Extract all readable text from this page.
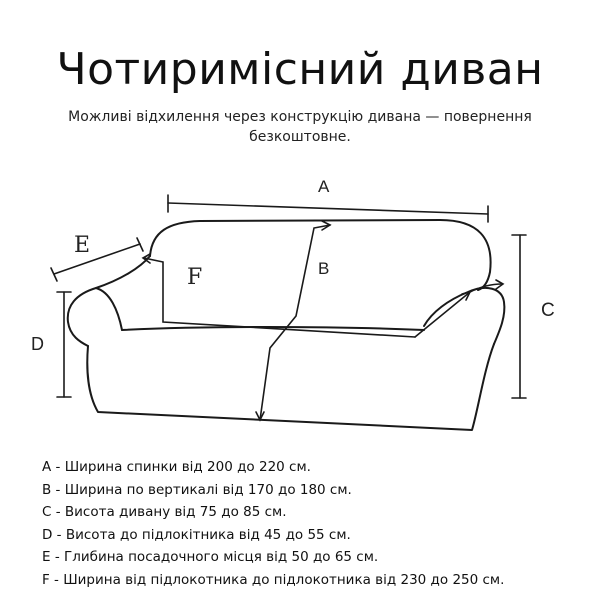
Чотиримісний диван
Можливі відхилення через конструкцію дивана — повернення безкоштовне.
A
B
C
D
E
F
A - Ширина спинки від 200 до 220 см.
B - Ширина по вертикалі від 170 до 180 см.
C - Висота дивану від 75 до 85 см.
D - Висота до підлокітника від 45 до 55 см.
E - Глибина посадочного місця від 50 до 65 см.
F - Ширина від підлокотника до підлокотника від 230 до 250 см.
